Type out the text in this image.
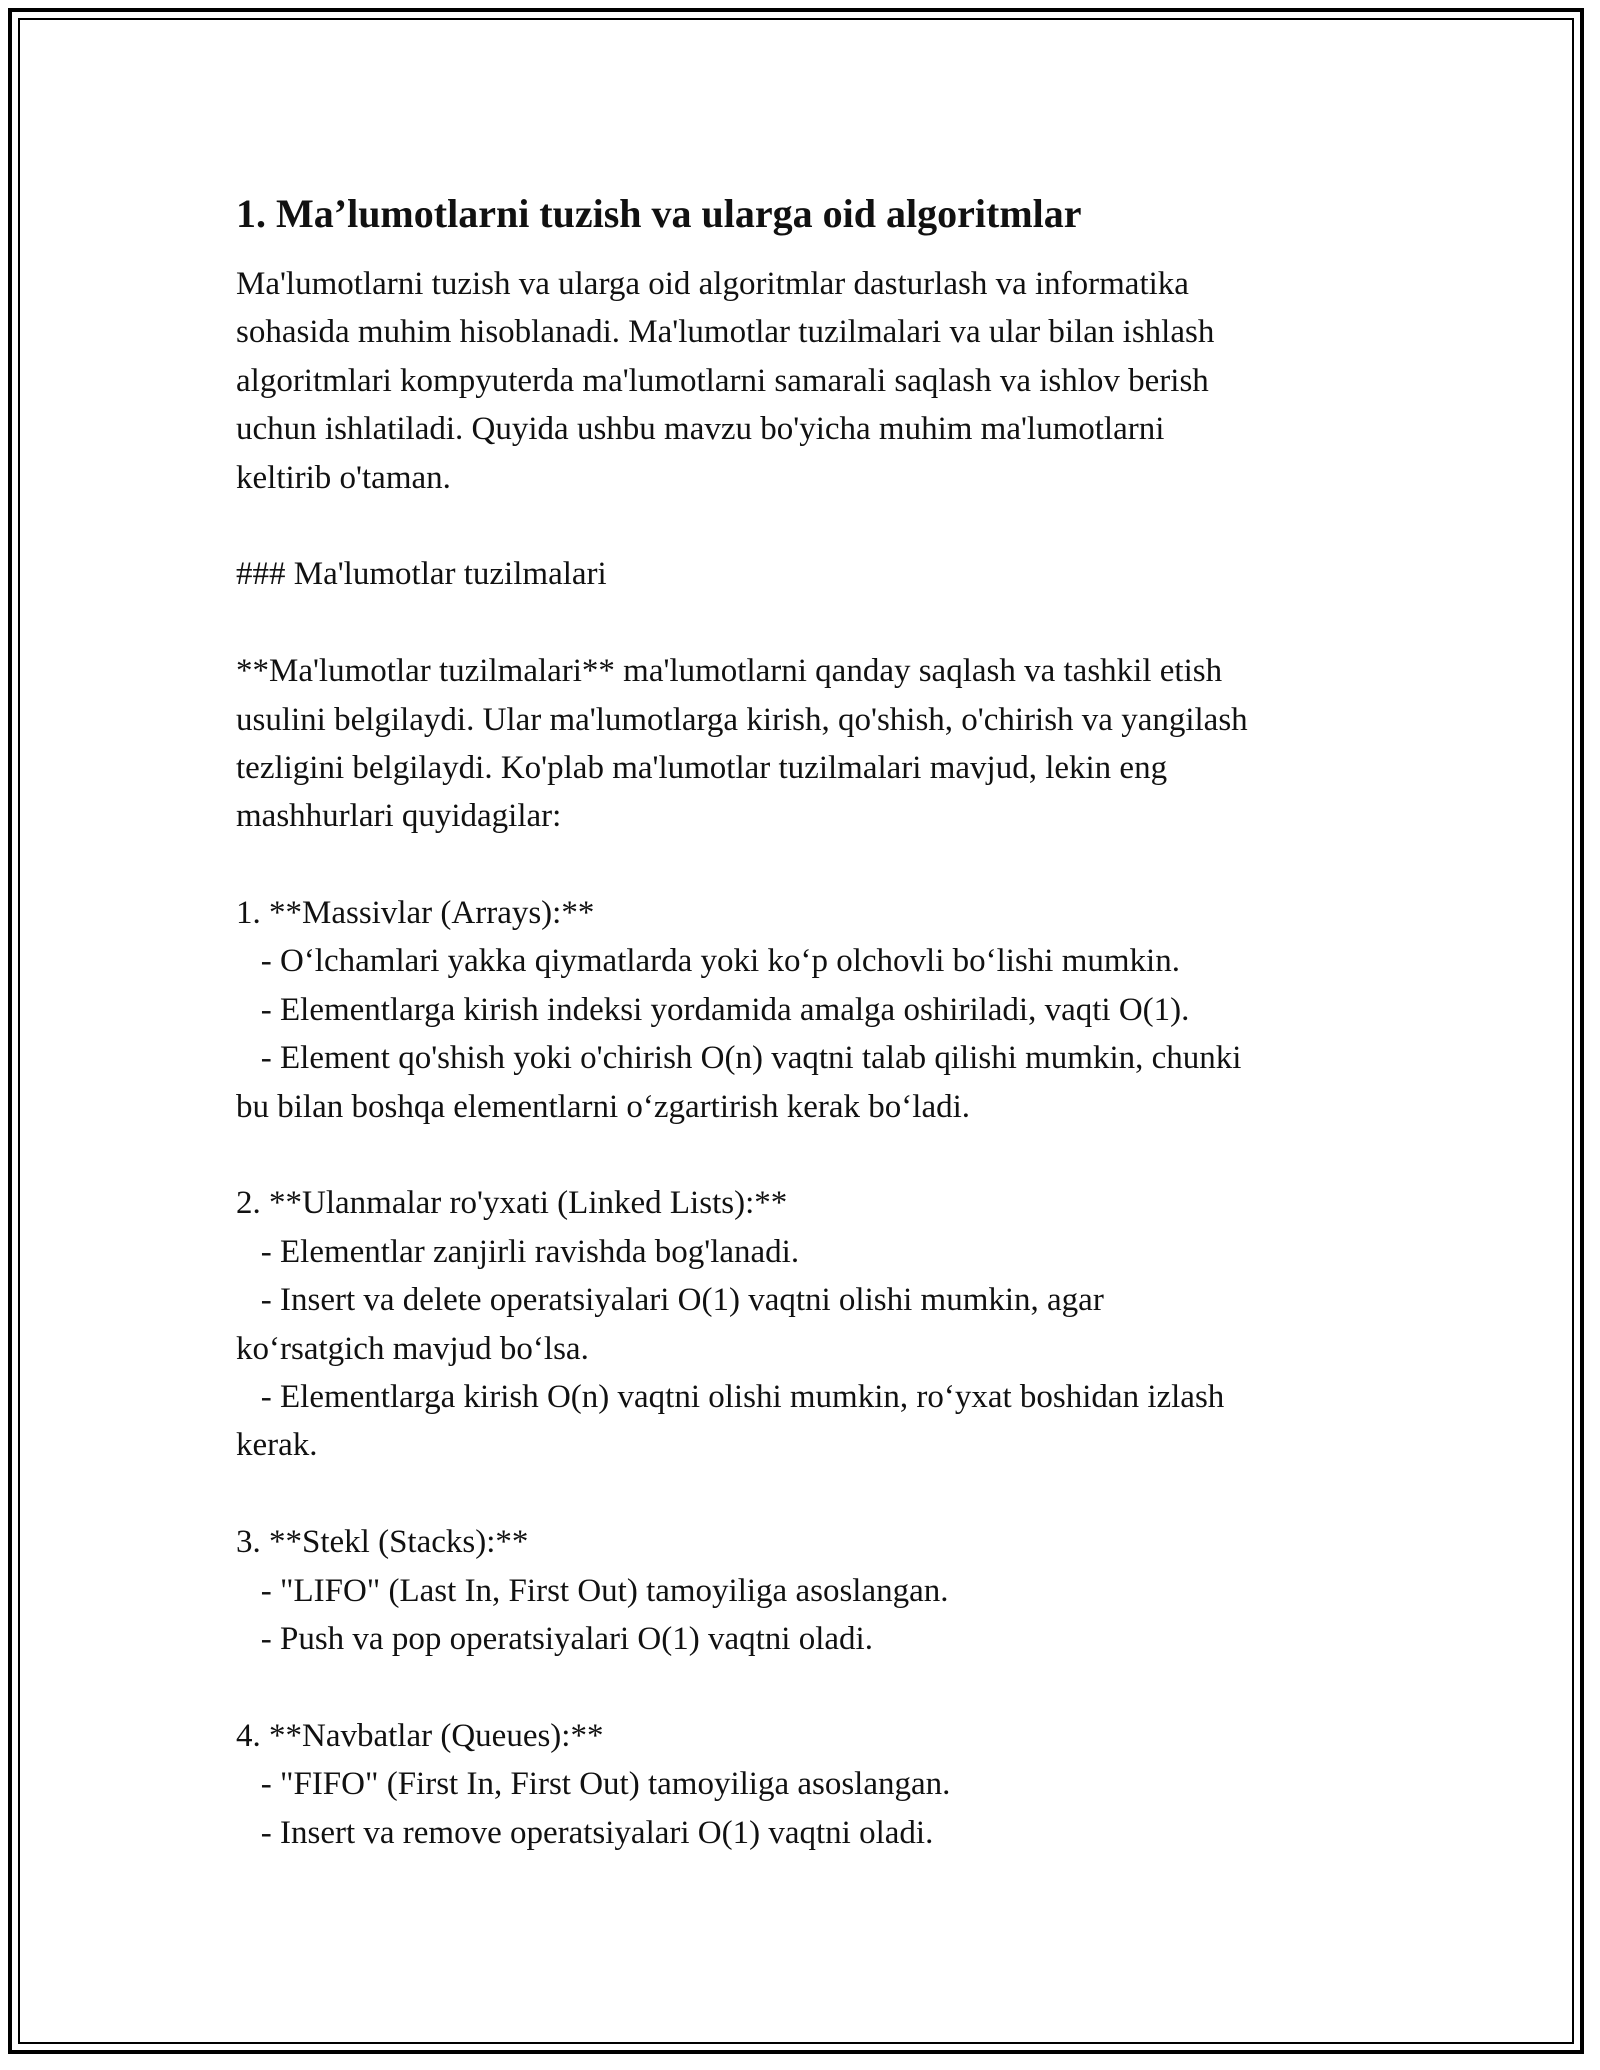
1. Ma’lumotlarni tuzish va ularga oid algoritmlar
Ma'lumotlarni tuzish va ularga oid algoritmlar dasturlash va informatika
sohasida muhim hisoblanadi. Ma'lumotlar tuzilmalari va ular bilan ishlash
algoritmlari kompyuterda ma'lumotlarni samarali saqlash va ishlov berish
uchun ishlatiladi. Quyida ushbu mavzu bo'yicha muhim ma'lumotlarni
keltirib o'taman.
### Ma'lumotlar tuzilmalari
**Ma'lumotlar tuzilmalari** ma'lumotlarni qanday saqlash va tashkil etish
usulini belgilaydi. Ular ma'lumotlarga kirish, qo'shish, o'chirish va yangilash
tezligini belgilaydi. Ko'plab ma'lumotlar tuzilmalari mavjud, lekin eng
mashhurlari quyidagilar:
1. **Massivlar (Arrays):**
- O‘lchamlari yakka qiymatlarda yoki ko‘p olchovli bo‘lishi mumkin.
- Elementlarga kirish indeksi yordamida amalga oshiriladi, vaqti O(1).
- Element qo'shish yoki o'chirish O(n) vaqtni talab qilishi mumkin, chunki
bu bilan boshqa elementlarni o‘zgartirish kerak bo‘ladi.
2. **Ulanmalar ro'yxati (Linked Lists):**
- Elementlar zanjirli ravishda bog'lanadi.
- Insert va delete operatsiyalari O(1) vaqtni olishi mumkin, agar
ko‘rsatgich mavjud bo‘lsa.
- Elementlarga kirish O(n) vaqtni olishi mumkin, ro‘yxat boshidan izlash
kerak.
3. **Stekl (Stacks):**
- "LIFO" (Last In, First Out) tamoyiliga asoslangan.
- Push va pop operatsiyalari O(1) vaqtni oladi.
4. **Navbatlar (Queues):**
- "FIFO" (First In, First Out) tamoyiliga asoslangan.
- Insert va remove operatsiyalari O(1) vaqtni oladi.
